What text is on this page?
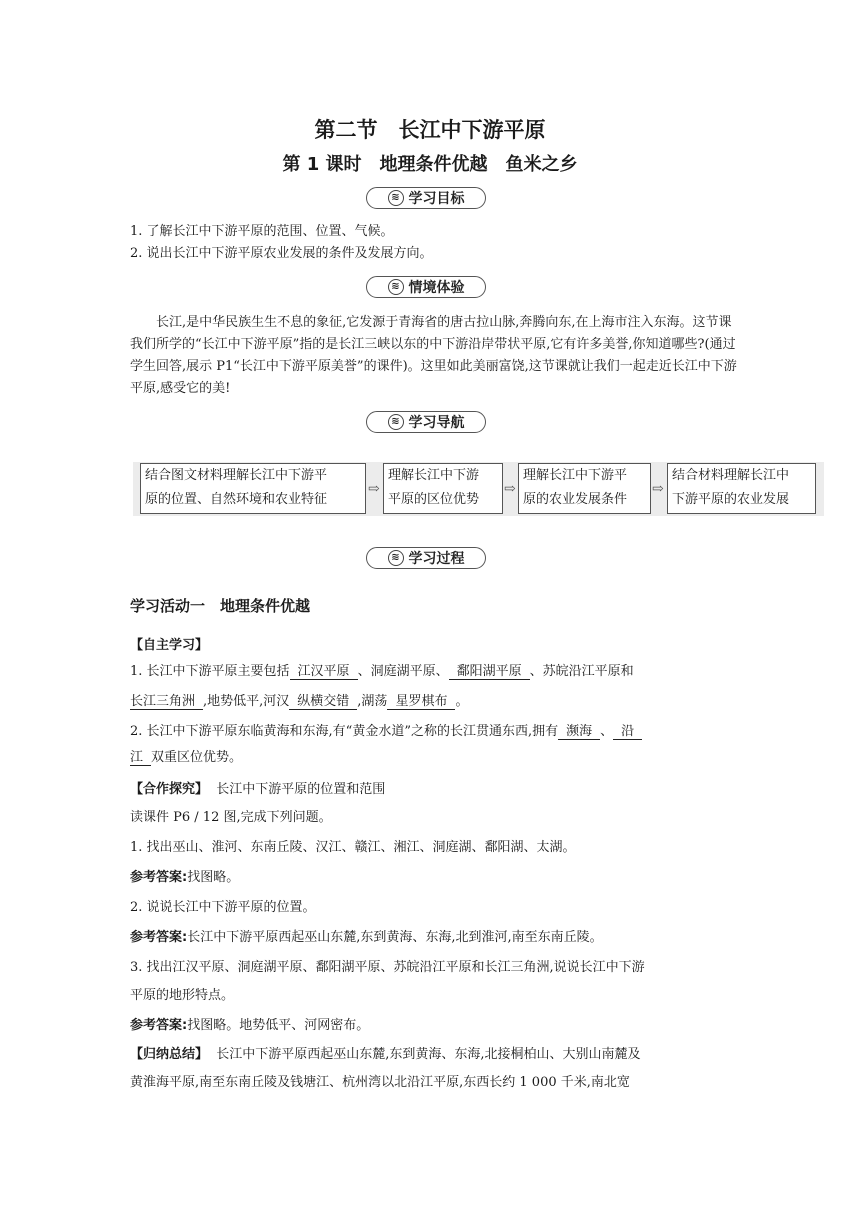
第二节　长江中下游平原
第 1 课时　地理条件优越　鱼米之乡
≋ 学习目标
1. 了解长江中下游平原的范围、位置、气候。
2. 说出长江中下游平原农业发展的条件及发展方向。
≋ 情境体验
长江,是中华民族生生不息的象征,它发源于青海省的唐古拉山脉,奔腾向东,在上海市注入东海。这节课我们所学的“长江中下游平原”指的是长江三峡以东的中下游沿岸带状平原,它有许多美誉,你知道哪些?(通过学生回答,展示 P1“长江中下游平原美誉”的课件)。这里如此美丽富饶,这节课就让我们一起走近长江中下游平原,感受它的美!
≋ 学习导航
结合图文材料理解长江中下游平
原的位置、自然环境和农业特征
⇨
理解长江中下游
平原的区位优势
⇨
理解长江中下游平
原的农业发展条件
⇨
结合材料理解长江中
下游平原的农业发展
≋ 学习过程
学习活动一　地理条件优越
【自主学习】
1. 长江中下游平原主要包括 江汉平原 、洞庭湖平原、 鄱阳湖平原 、苏皖沿江平原和
长江三角洲 ,地势低平,河汉 纵横交错 ,湖荡 星罗棋布 。
2. 长江中下游平原东临黄海和东海,有“黄金水道”之称的长江贯通东西,拥有 濒海 、 沿
江 双重区位优势。
【合作探究】 长江中下游平原的位置和范围
读课件 P6 / 12 图,完成下列问题。
1. 找出巫山、淮河、东南丘陵、汉江、赣江、湘江、洞庭湖、鄱阳湖、太湖。
参考答案:找图略。
2. 说说长江中下游平原的位置。
参考答案:长江中下游平原西起巫山东麓,东到黄海、东海,北到淮河,南至东南丘陵。
3. 找出江汉平原、洞庭湖平原、鄱阳湖平原、苏皖沿江平原和长江三角洲,说说长江中下游
平原的地形特点。
参考答案:找图略。地势低平、河网密布。
【归纳总结】 长江中下游平原西起巫山东麓,东到黄海、东海,北接桐柏山、大别山南麓及
黄淮海平原,南至东南丘陵及钱塘江、杭州湾以北沿江平原,东西长约 1 000 千米,南北宽
